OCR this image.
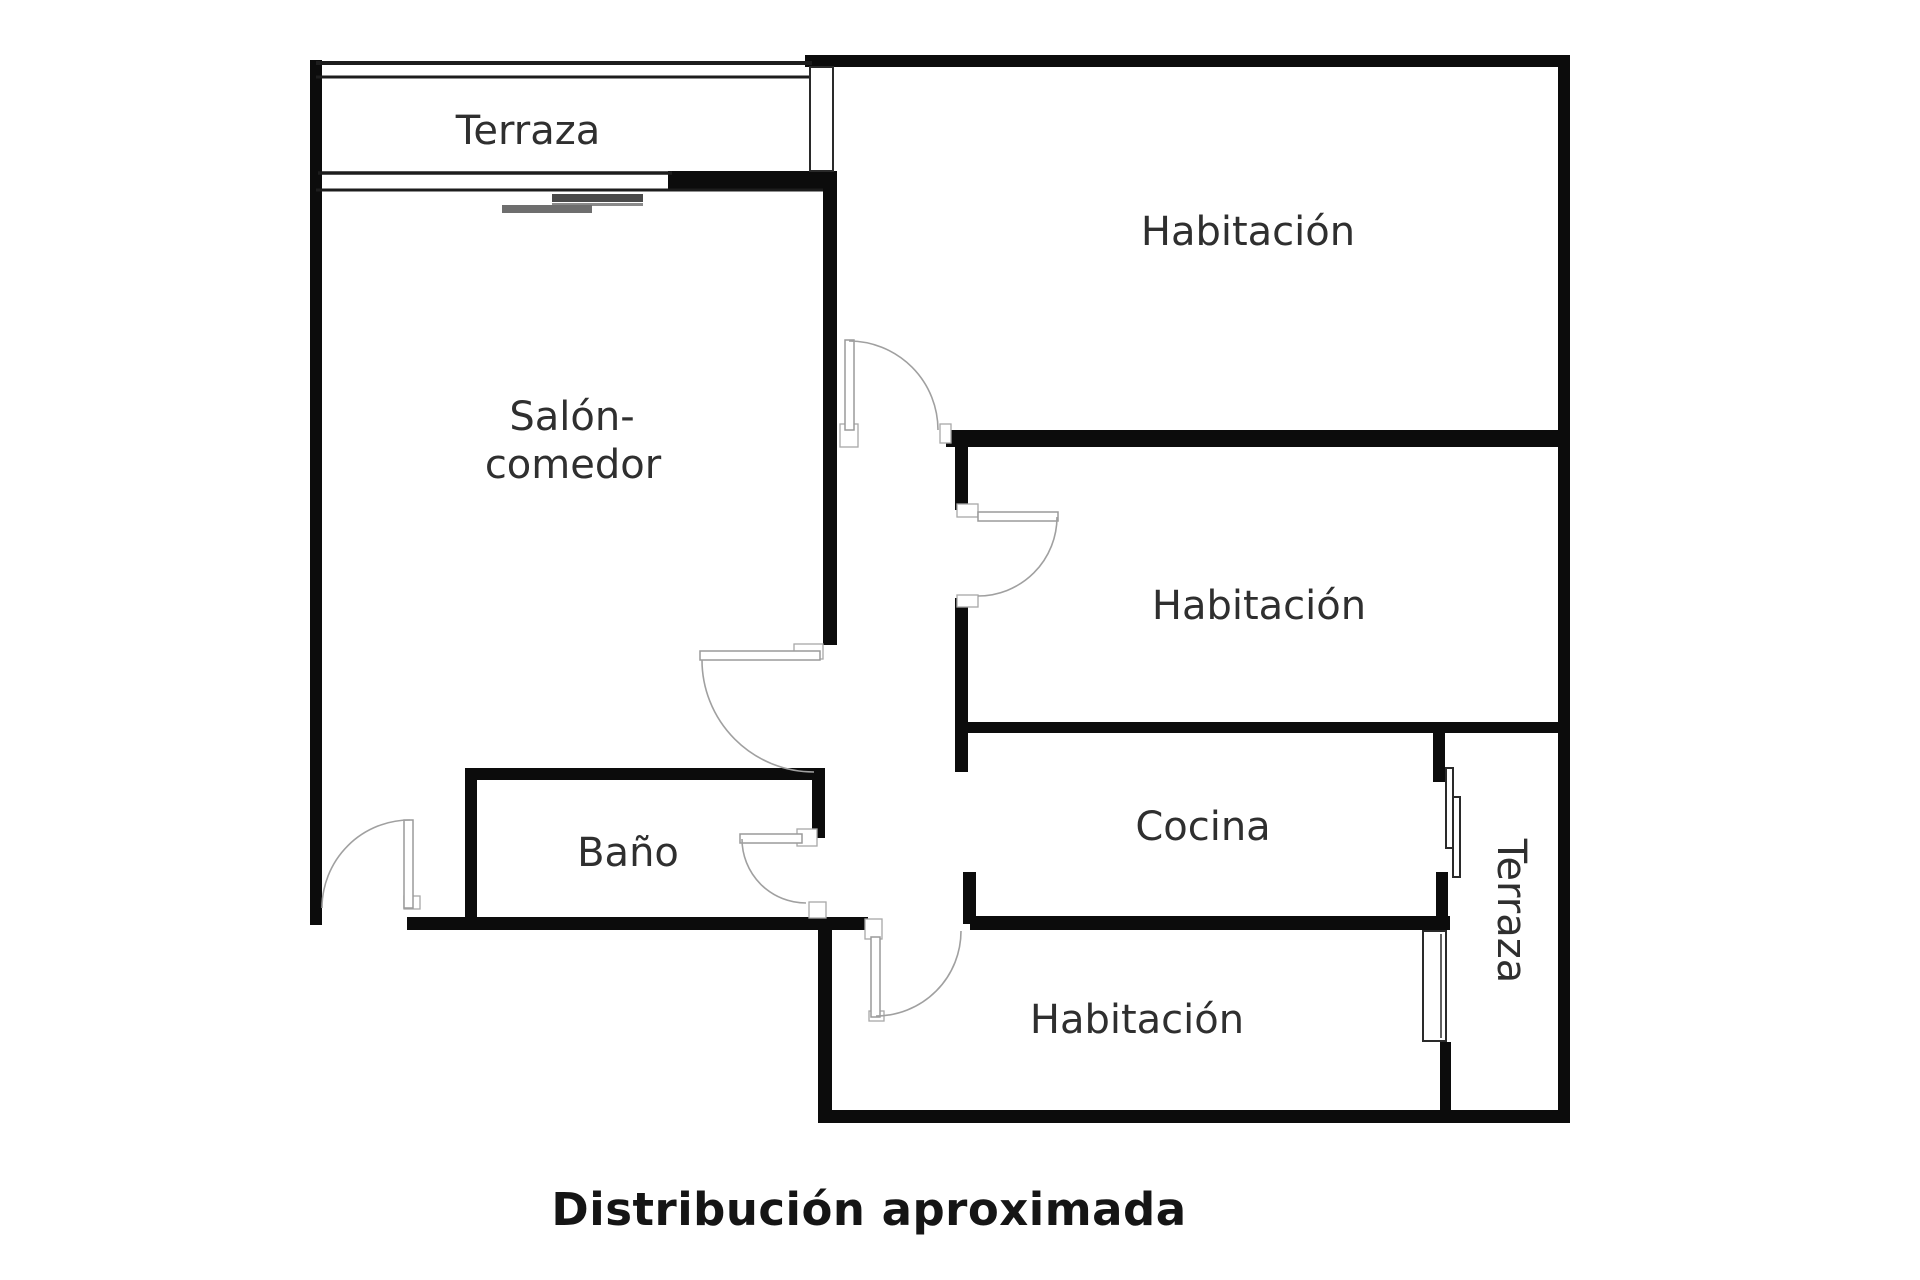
Terraza
Habitación
Salón-
comedor
Habitación
Cocina
Baño	Terraza
Habitación
Distribución aproximada
